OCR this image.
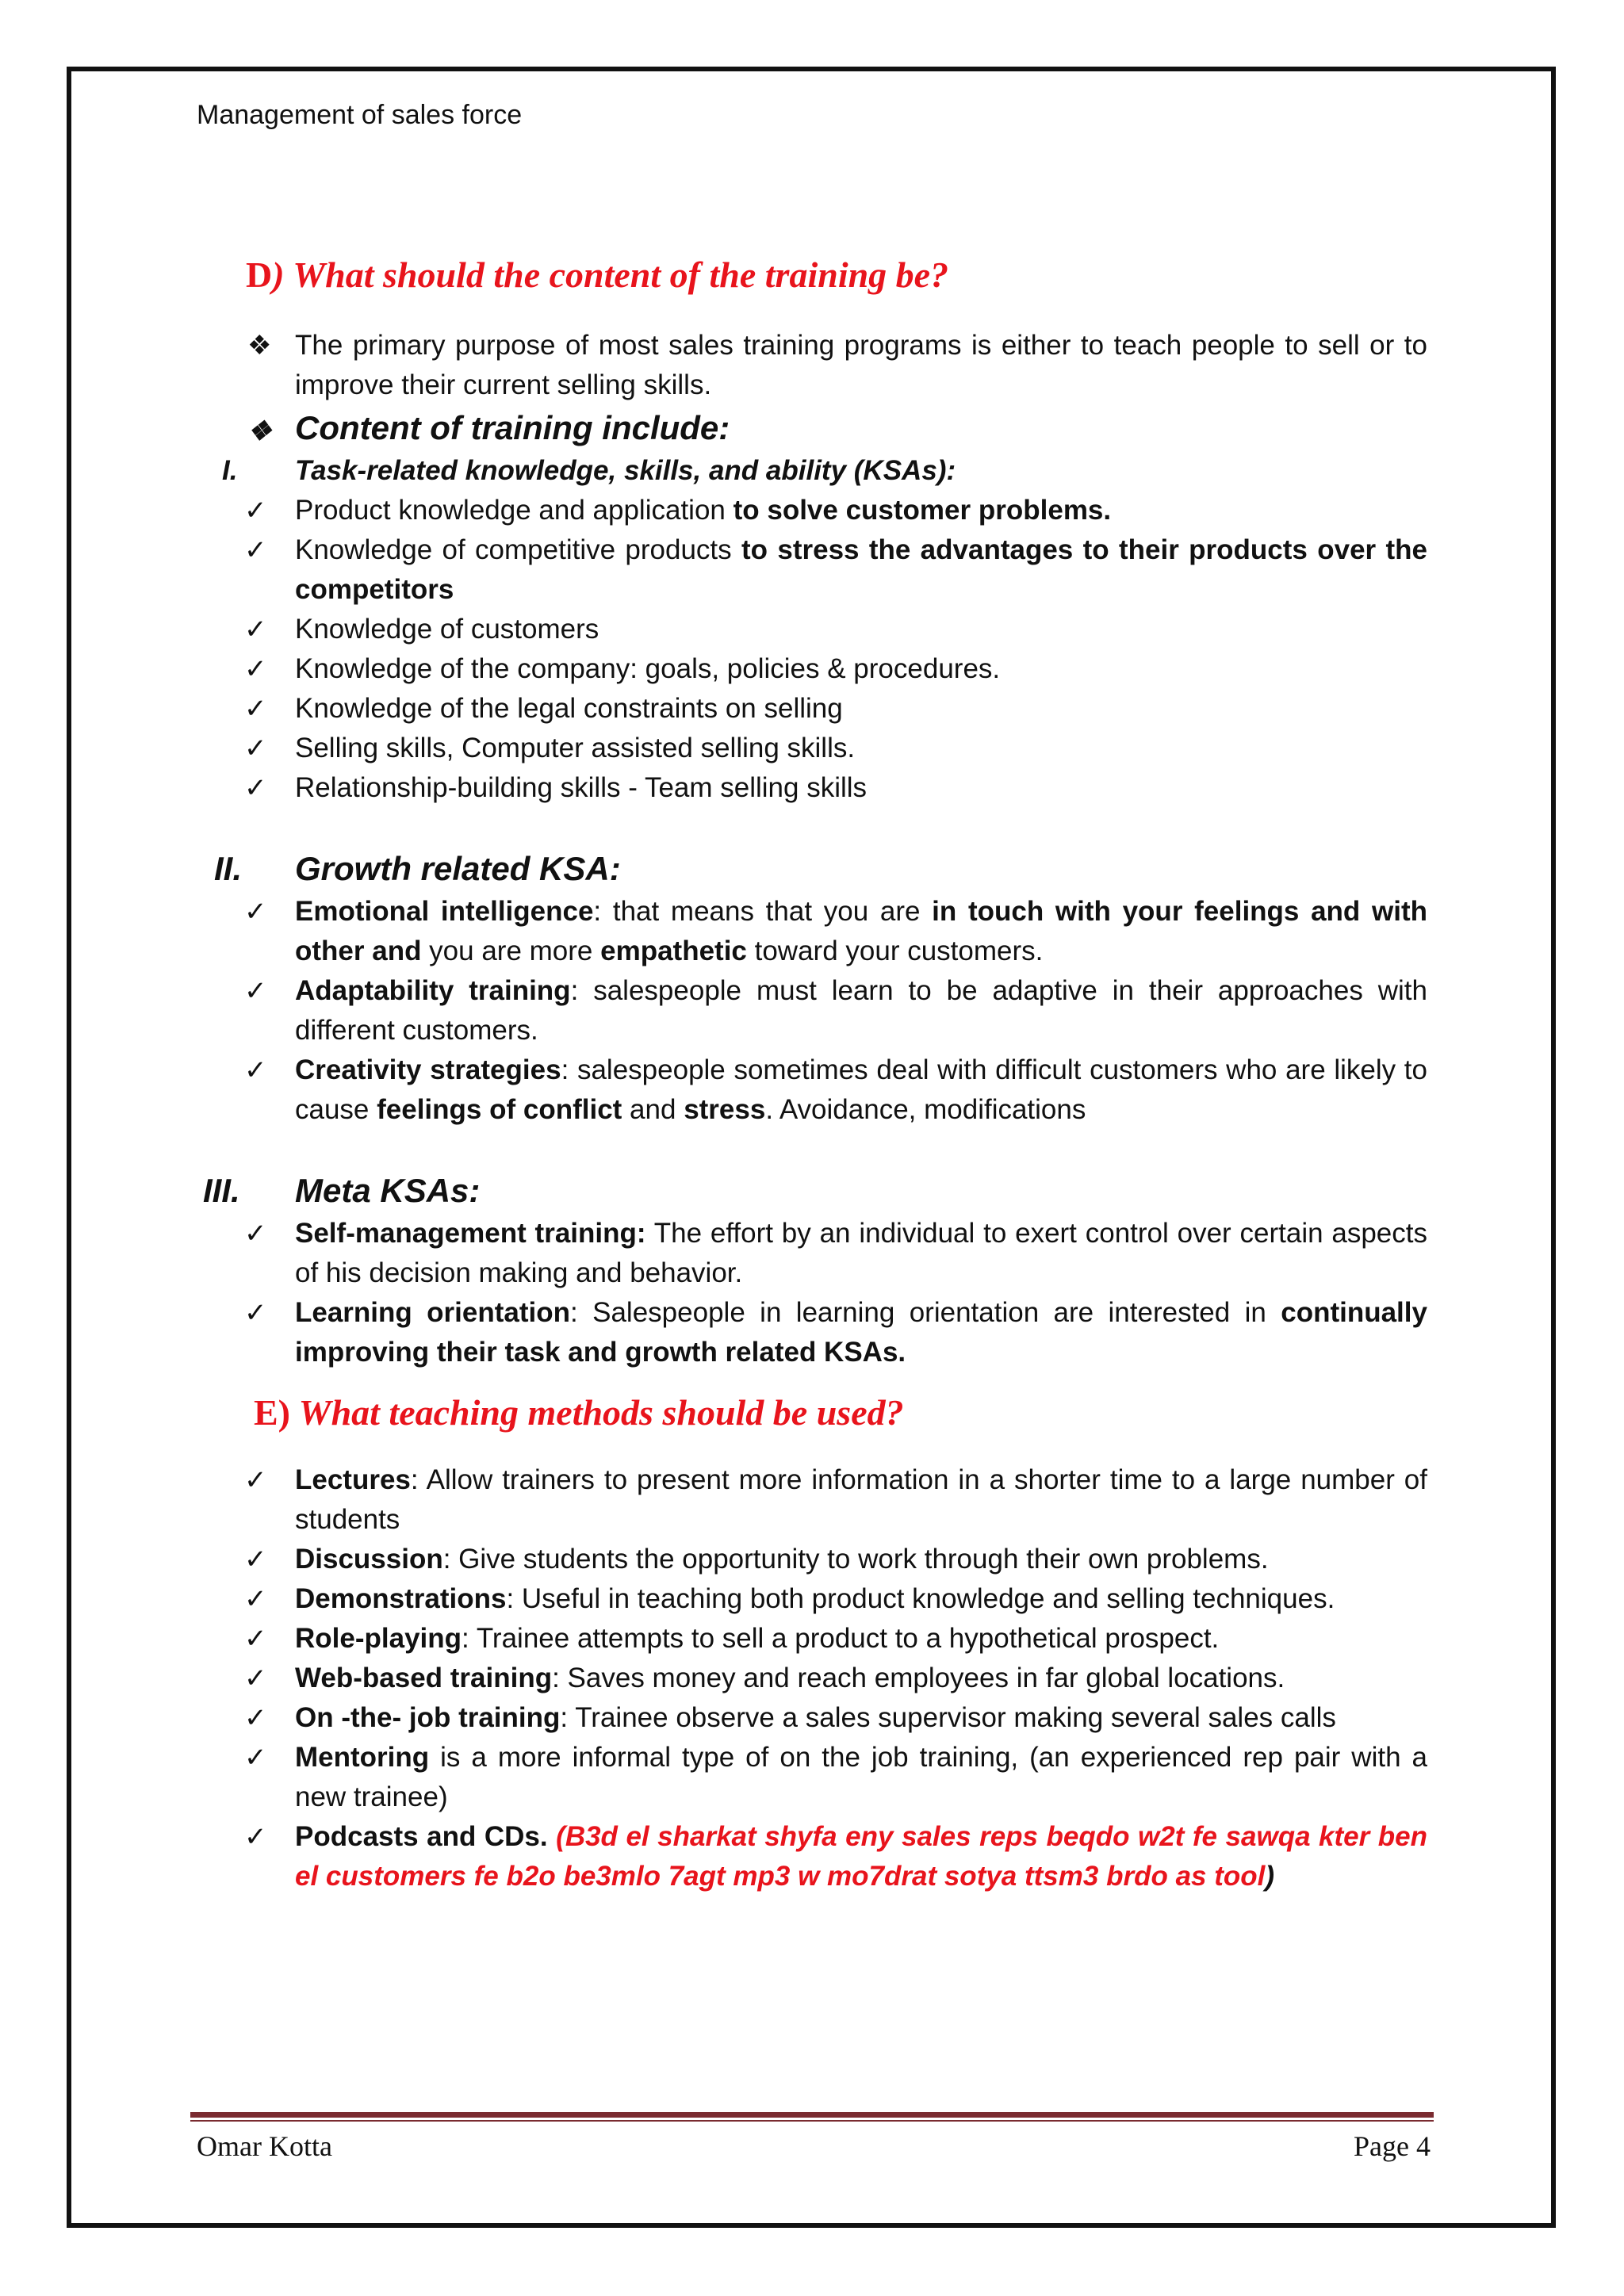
Management of sales force
D) What should the content of the training be?
❖ The primary purpose of most sales training programs is either to teach people to sell or to improve their current selling skills.
❖ Content of training include:
I. Task-related knowledge, skills, and ability (KSAs):
✓ Product knowledge and application to solve customer problems.
✓ Knowledge of competitive products to stress the advantages to their products over the competitors
✓ Knowledge of customers
✓ Knowledge of the company: goals, policies & procedures.
✓ Knowledge of the legal constraints on selling
✓ Selling skills, Computer assisted selling skills.
✓ Relationship-building skills - Team selling skills
II. Growth related KSA:
✓ Emotional intelligence: that means that you are in touch with your feelings and with other and you are more empathetic toward your customers.
✓ Adaptability training: salespeople must learn to be adaptive in their approaches with different customers.
✓ Creativity strategies: salespeople sometimes deal with difficult customers who are likely to cause feelings of conflict and stress. Avoidance, modifications
III. Meta KSAs:
✓ Self-management training: The effort by an individual to exert control over certain aspects of his decision making and behavior.
✓ Learning orientation: Salespeople in learning orientation are interested in continually improving their task and growth related KSAs.
E) What teaching methods should be used?
✓ Lectures: Allow trainers to present more information in a shorter time to a large number of students
✓ Discussion: Give students the opportunity to work through their own problems.
✓ Demonstrations: Useful in teaching both product knowledge and selling techniques.
✓ Role-playing: Trainee attempts to sell a product to a hypothetical prospect.
✓ Web-based training: Saves money and reach employees in far global locations.
✓ On -the- job training: Trainee observe a sales supervisor making several sales calls
✓ Mentoring is a more informal type of on the job training, (an experienced rep pair with a new trainee)
✓ Podcasts and CDs. (B3d el sharkat shyfa eny sales reps beqdo w2t fe sawqa kter ben el customers fe b2o be3mlo 7agt mp3 w mo7drat sotya ttsm3 brdo as tool)
Omar Kotta	Page 4
